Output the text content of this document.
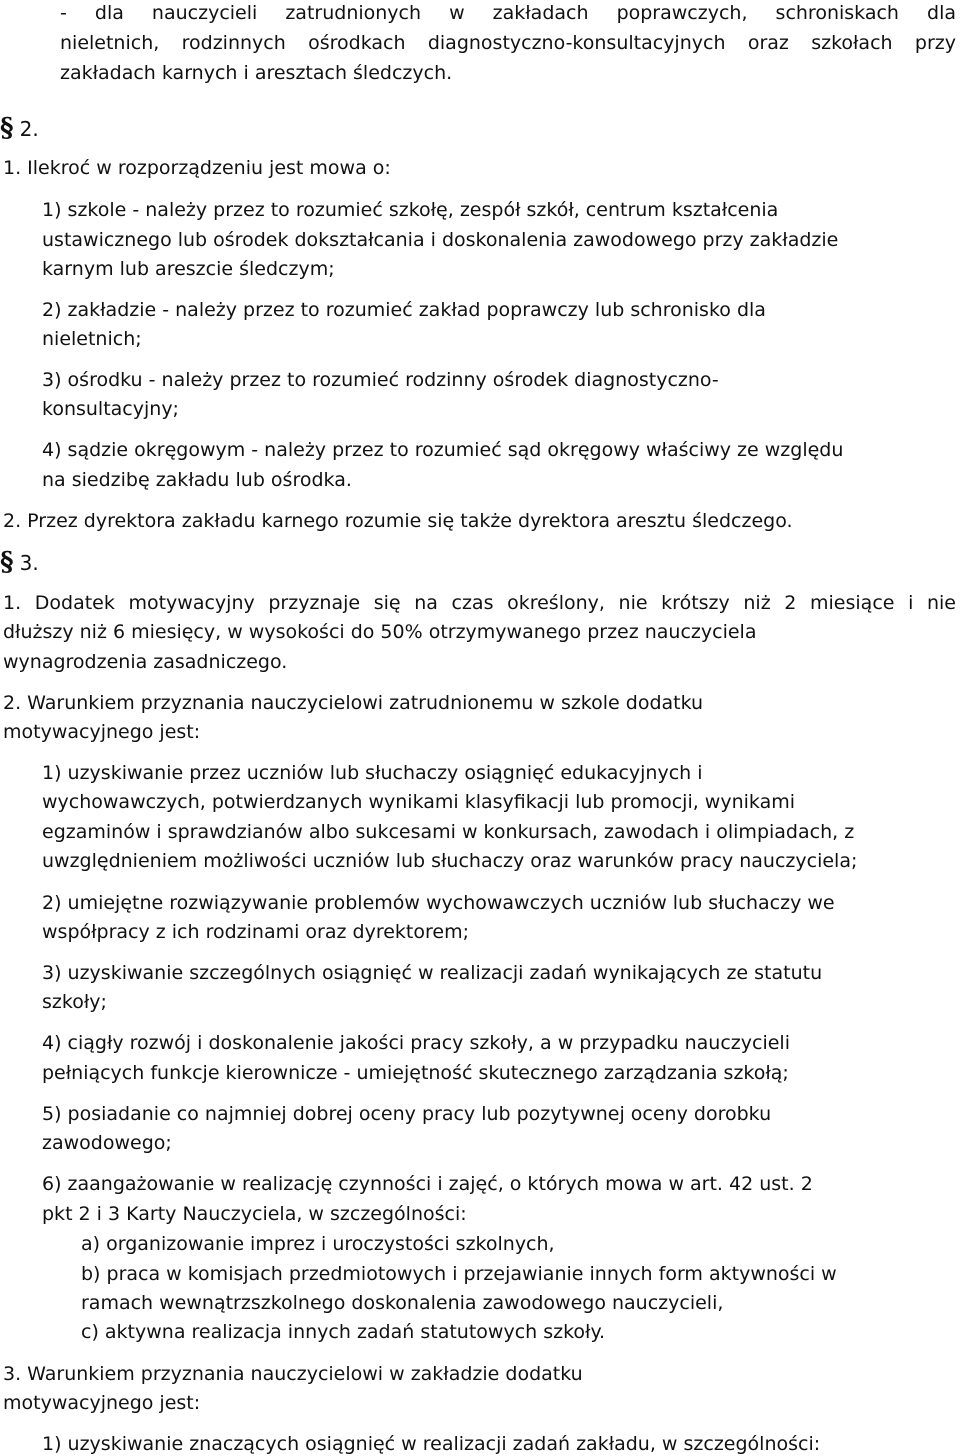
- dla nauczycieli zatrudnionych w zakładach poprawczych, schroniskach dla
nieletnich, rodzinnych ośrodkach diagnostyczno-konsultacyjnych oraz szkołach przy
zakładach karnych i aresztach śledczych.
§ 2.
1. Ilekroć w rozporządzeniu jest mowa o:
1) szkole - należy przez to rozumieć szkołę, zespół szkół, centrum kształcenia
ustawicznego lub ośrodek dokształcania i doskonalenia zawodowego przy zakładzie
karnym lub areszcie śledczym;
2) zakładzie - należy przez to rozumieć zakład poprawczy lub schronisko dla
nieletnich;
3) ośrodku - należy przez to rozumieć rodzinny ośrodek diagnostyczno-
konsultacyjny;
4) sądzie okręgowym - należy przez to rozumieć sąd okręgowy właściwy ze względu
na siedzibę zakładu lub ośrodka.
2. Przez dyrektora zakładu karnego rozumie się także dyrektora aresztu śledczego.
§ 3.
1. Dodatek motywacyjny przyznaje się na czas określony, nie krótszy niż 2 miesiące i nie
dłuższy niż 6 miesięcy, w wysokości do 50% otrzymywanego przez nauczyciela
wynagrodzenia zasadniczego.
2. Warunkiem przyznania nauczycielowi zatrudnionemu w szkole dodatku
motywacyjnego jest:
1) uzyskiwanie przez uczniów lub słuchaczy osiągnięć edukacyjnych i
wychowawczych, potwierdzanych wynikami klasyfikacji lub promocji, wynikami
egzaminów i sprawdzianów albo sukcesami w konkursach, zawodach i olimpiadach, z
uwzględnieniem możliwości uczniów lub słuchaczy oraz warunków pracy nauczyciela;
2) umiejętne rozwiązywanie problemów wychowawczych uczniów lub słuchaczy we
współpracy z ich rodzinami oraz dyrektorem;
3) uzyskiwanie szczególnych osiągnięć w realizacji zadań wynikających ze statutu
szkoły;
4) ciągły rozwój i doskonalenie jakości pracy szkoły, a w przypadku nauczycieli
pełniących funkcje kierownicze - umiejętność skutecznego zarządzania szkołą;
5) posiadanie co najmniej dobrej oceny pracy lub pozytywnej oceny dorobku
zawodowego;
6) zaangażowanie w realizację czynności i zajęć, o których mowa w art. 42 ust. 2
pkt 2 i 3 Karty Nauczyciela, w szczególności:
a) organizowanie imprez i uroczystości szkolnych,
b) praca w komisjach przedmiotowych i przejawianie innych form aktywności w
ramach wewnątrzszkolnego doskonalenia zawodowego nauczycieli,
c) aktywna realizacja innych zadań statutowych szkoły.
3. Warunkiem przyznania nauczycielowi w zakładzie dodatku
motywacyjnego jest:
1) uzyskiwanie znaczących osiągnięć w realizacji zadań zakładu, w szczególności:
